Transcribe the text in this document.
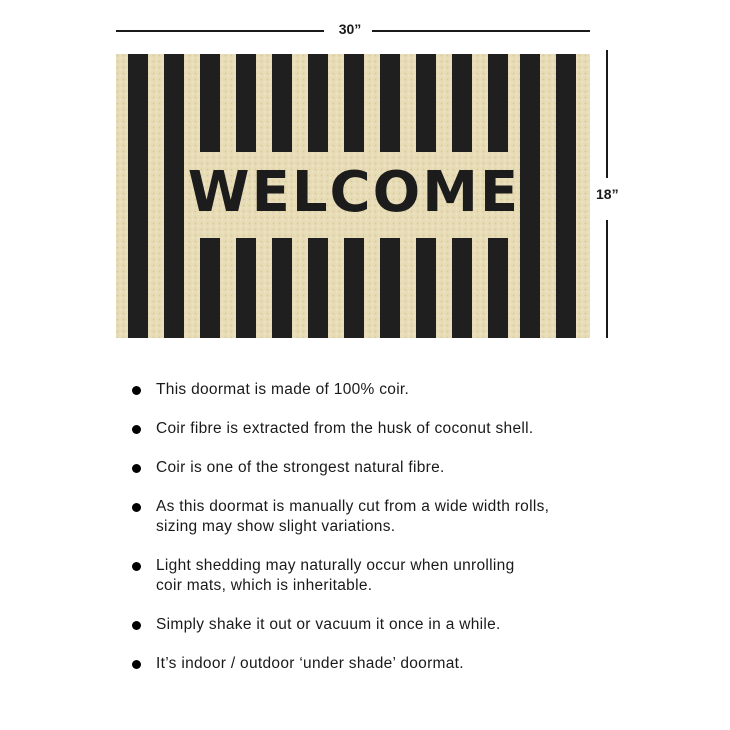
30”
18”
WELCOME
This doormat is made of 100% coir.
Coir fibre is extracted from the husk of coconut shell.
Coir is one of the strongest natural fibre.
As this doormat is manually cut from a wide width rolls,
sizing may show slight variations.
Light shedding may naturally occur when unrolling
coir mats, which is inheritable.
Simply shake it out or vacuum it once in a while.
It’s indoor / outdoor ‘under shade’ doormat.
